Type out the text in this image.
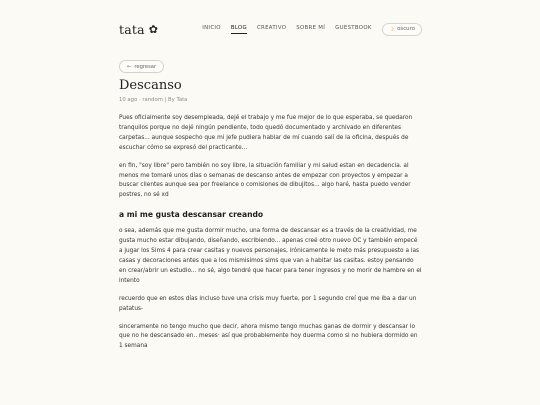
tata ✿	INICIO BLOG CREATIVO SOBRE MÍ GUESTBOOK	☽ oscuro
← regresar
Descanso
10 ago · random | By Tata

Pues oficialmente soy desempleada, dejé el trabajo y me fue mejor de lo que esperaba, se quedaron tranquilos porque no dejé ningún pendiente, todo quedó documentado y archivado en diferentes carpetas... aunque sospecho que mi jefe pudiera hablar de mí cuando salí de la oficina, después de escuchar cómo se expresó del practicante...

en fin, "soy libre" pero también no soy libre, la situación familiar y mi salud estan en decadencia. al menos me tomaré unos días o semanas de descanso antes de empezar con proyectos y empezar a buscar clientes aunque sea por freelance o comisiones de dibujitos... algo haré, hasta puedo vender postres, no sé xd

a mi me gusta descansar creando

o sea, además que me gusta dormir mucho, una forma de descansar es a través de la creatividad, me gusta mucho estar dibujando, diseñando, escribiendo... apenas creé otro nuevo OC y también empecé a jugar los Sims 4 para crear casitas y nuevos personajes, irónicamente le meto más presupuesto a las casas y decoraciones antes que a los mismisimos sims que van a habitar las casitas. estoy pensando en crear/abrir un estudio... no sé, algo tendré que hacer para tener ingresos y no morir de hambre en el intento

recuerdo que en estos días incluso tuve una crisis muy fuerte, por 1 segundo creí que me iba a dar un patatus-

sinceramente no tengo mucho que decir, ahora mismo tengo muchas ganas de dormir y descansar lo que no he descansado en.. meses· así que probablemente hoy duerma como si no hubiera dormido en 1 semana
